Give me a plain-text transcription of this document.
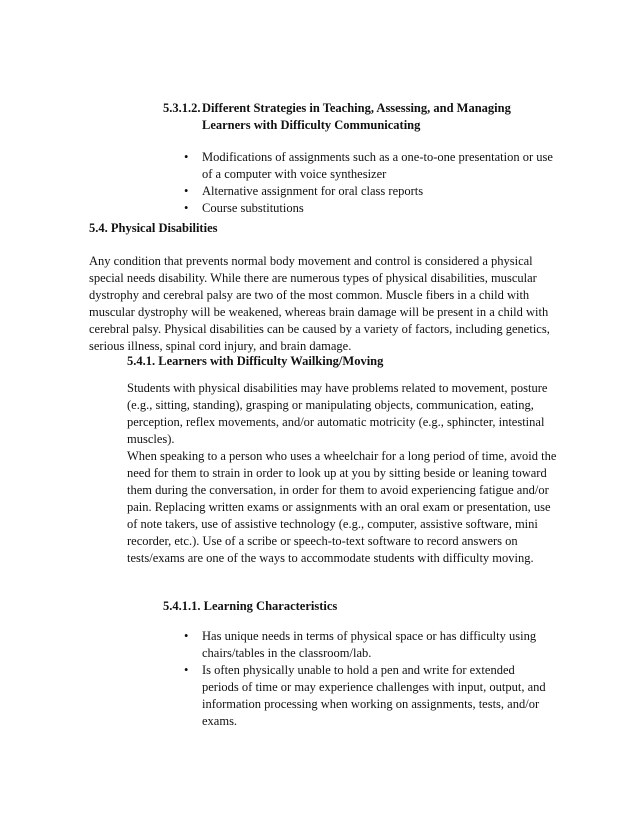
5.3.1.2. Different Strategies in Teaching, Assessing, and Managing
Learners with Difficulty Communicating
•	Modifications of assignments such as a one-to-one presentation or use of a computer with voice synthesizer
•	Alternative assignment for oral class reports
•	Course substitutions
5.4. Physical Disabilities

Any condition that prevents normal body movement and control is considered a physical special needs disability. While there are numerous types of physical disabilities, muscular dystrophy and cerebral palsy are two of the most common. Muscle fibers in a child with muscular dystrophy will be weakened, whereas brain damage will be present in a child with cerebral palsy. Physical disabilities can be caused by a variety of factors, including genetics, serious illness, spinal cord injury, and brain damage.

5.4.1. Learners with Difficulty Wailking/Moving

Students with physical disabilities may have problems related to movement, posture (e.g., sitting, standing), grasping or manipulating objects, communication, eating, perception, reflex movements, and/or automatic motricity (e.g., sphincter, intestinal muscles).

When speaking to a person who uses a wheelchair for a long period of time, avoid the need for them to strain in order to look up at you by sitting beside or leaning toward them during the conversation, in order for them to avoid experiencing fatigue and/or pain. Replacing written exams or assignments with an oral exam or presentation, use of note takers, use of assistive technology (e.g., computer, assistive software, mini recorder, etc.). Use of a scribe or speech-to-text software to record answers on tests/exams are one of the ways to accommodate students with difficulty moving.

5.4.1.1. Learning Characteristics
•	Has unique needs in terms of physical space or has difficulty using chairs/tables in the classroom/lab.
•	Is often physically unable to hold a pen and write for extended periods of time or may experience challenges with input, output, and information processing when working on assignments, tests, and/or exams.
